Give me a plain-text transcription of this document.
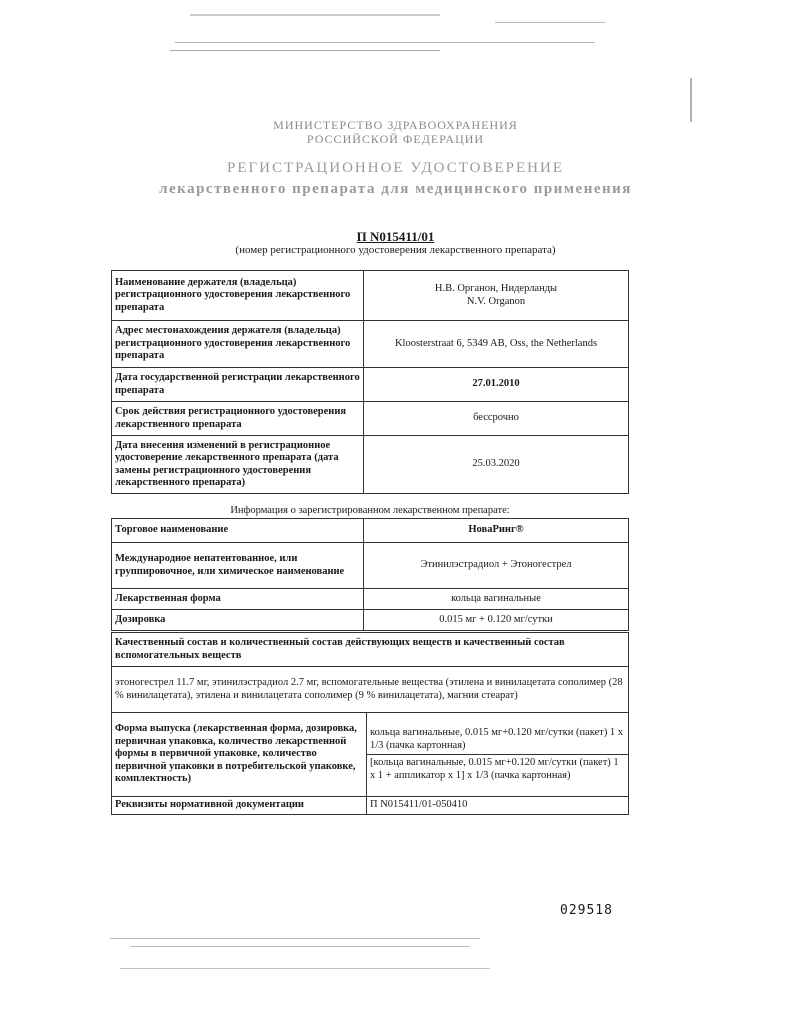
МИНИСТЕРСТВО ЗДРАВООХРАНЕНИЯ
РОССИЙСКОЙ ФЕДЕРАЦИИ
РЕГИСТРАЦИОННОЕ УДОСТОВЕРЕНИЕ
лекарственного препарата для медицинского применения
П N015411/01
(номер регистрационного удостоверения лекарственного препарата)
Наименование держателя (владельца) регистрационного удостоверения лекарственного препарата	Н.В. Органон, Нидерланды
N.V. Organon

Адрес местонахождения держателя (владельца) регистрационного удостоверения лекарственного препарата	Kloosterstraat 6, 5349 AB, Oss, the Netherlands
Дата государственной регистрации лекарственного препарата	27.01.2010
Срок действия регистрационного удостоверения лекарственного препарата	бессрочно
Дата внесения изменений в регистрационное удостоверение лекарственного препарата (дата замены регистрационного удостоверения лекарственного препарата)	25.03.2020
Информация о зарегистрированном лекарственном препарате:
Торговое наименование	НоваРинг®
Международное непатентованное, или группировочное, или химическое наименование	Этинилэстрадиол + Этоногестрел
Лекарственная форма	кольца вагинальные
Дозировка	0.015 мг + 0.120 мг/сутки
Качественный состав и количественный состав действующих веществ и качественный состав вспомогательных веществ	
этоногестрел 11.7 мг, этинилэстрадиол 2.7 мг, вспомогательные вещества (этилена и винилацетата сополимер (28 % винилацетата), этилена и винилацетата сополимер (9 % винилацетата), магния стеарат)	
Форма выпуска (лекарственная форма, дозировка, первичная упаковка, количество лекарственной формы в первичной упаковке, количество первичной упаковки в потребительской упаковке, комплектность)	кольца вагинальные, 0.015 мг+0.120 мг/сутки (пакет) 1 x 1/3 (пачка картонная)
[кольца вагинальные, 0.015 мг+0.120 мг/сутки (пакет) 1 x 1 + аппликатор x 1] x 1/3 (пачка картонная)

Реквизиты нормативной документации	П N015411/01-050410
029518
